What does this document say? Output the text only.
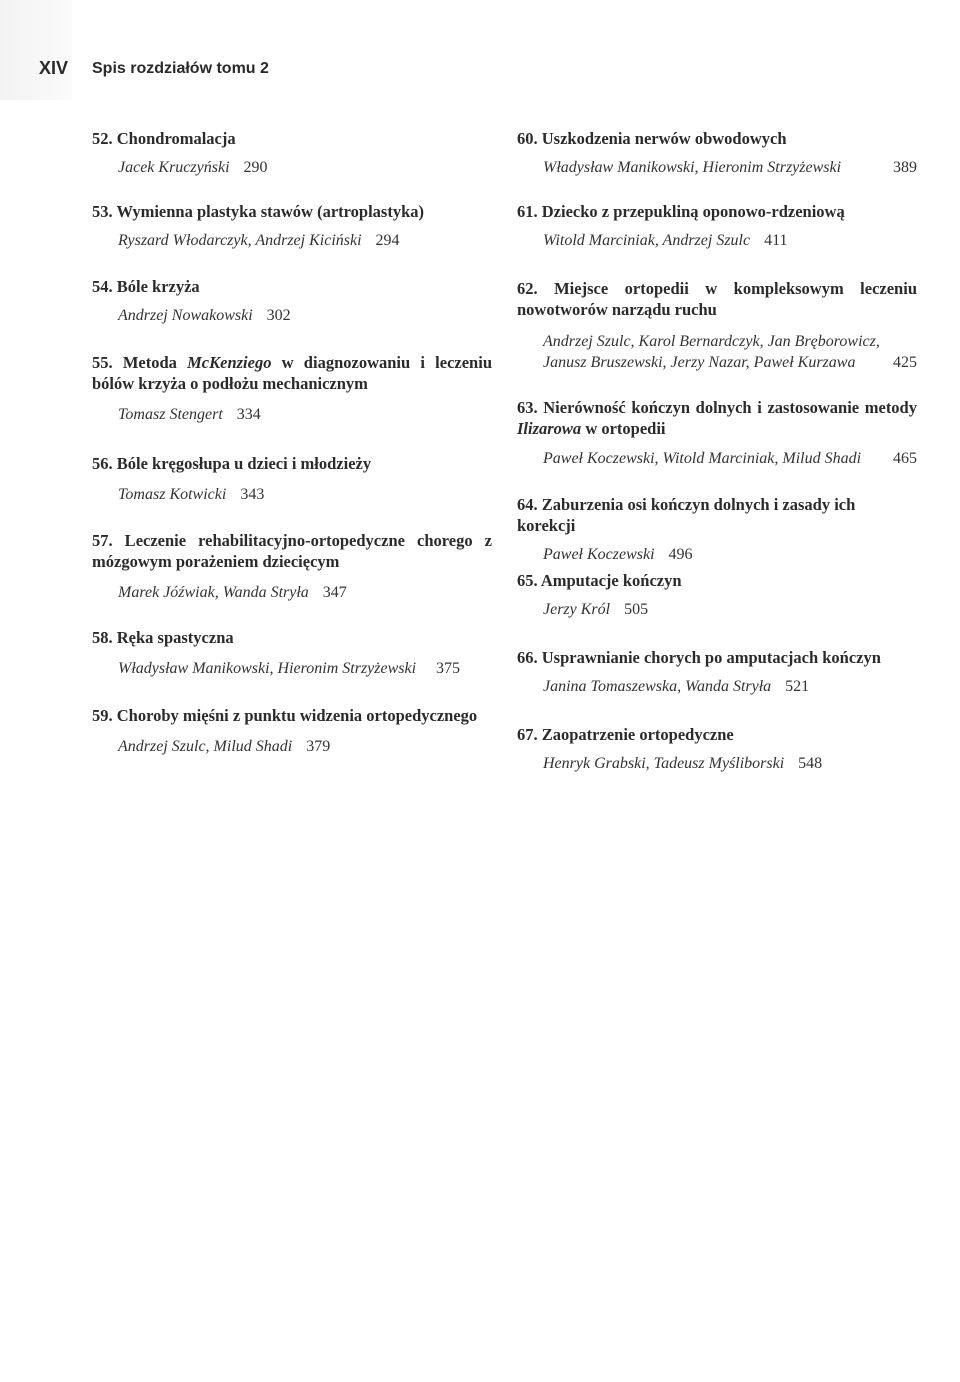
XIV Spis rozdziałów tomu 2
52. Chondromalacja
Jacek Kruczyński 290
53. Wymienna plastyka stawów (artroplastyka)
Ryszard Włodarczyk, Andrzej Kiciński 294
54. Bóle krzyża
Andrzej Nowakowski 302
55. Metoda McKenziego w diagnozowaniu i leczeniu bólów krzyża o podłożu mechanicznym
Tomasz Stengert 334
56. Bóle kręgosłupa u dzieci i młodzieży
Tomasz Kotwicki 343
57. Leczenie rehabilitacyjno-ortopedyczne chorego z mózgowym porażeniem dziecięcym
Marek Jóźwiak, Wanda Stryła 347
58. Ręka spastyczna
Władysław Manikowski, Hieronim Strzyżewski 375
59. Choroby mięśni z punktu widzenia ortopedycznego
Andrzej Szulc, Milud Shadi 379
60. Uszkodzenia nerwów obwodowych
Władysław Manikowski, Hieronim Strzyżewski	389
61. Dziecko z przepukliną oponowo-rdzeniową
Witold Marciniak, Andrzej Szulc 411
62. Miejsce ortopedii w kompleksowym leczeniu nowotworów narządu ruchu
Andrzej Szulc, Karol Bernardczyk, Jan Bręborowicz,
Janusz Bruszewski, Jerzy Nazar, Paweł Kurzawa 425
63. Nierówność kończyn dolnych i zastosowanie metody Ilizarowa w ortopedii
Paweł Koczewski, Witold Marciniak, Milud Shadi 465
64. Zaburzenia osi kończyn dolnych i zasady ich korekcji
Paweł Koczewski 496
65. Amputacje kończyn
Jerzy Król 505
66. Usprawnianie chorych po amputacjach kończyn
Janina Tomaszewska, Wanda Stryła 521
67. Zaopatrzenie ortopedyczne
Henryk Grabski, Tadeusz Myśliborski 548
